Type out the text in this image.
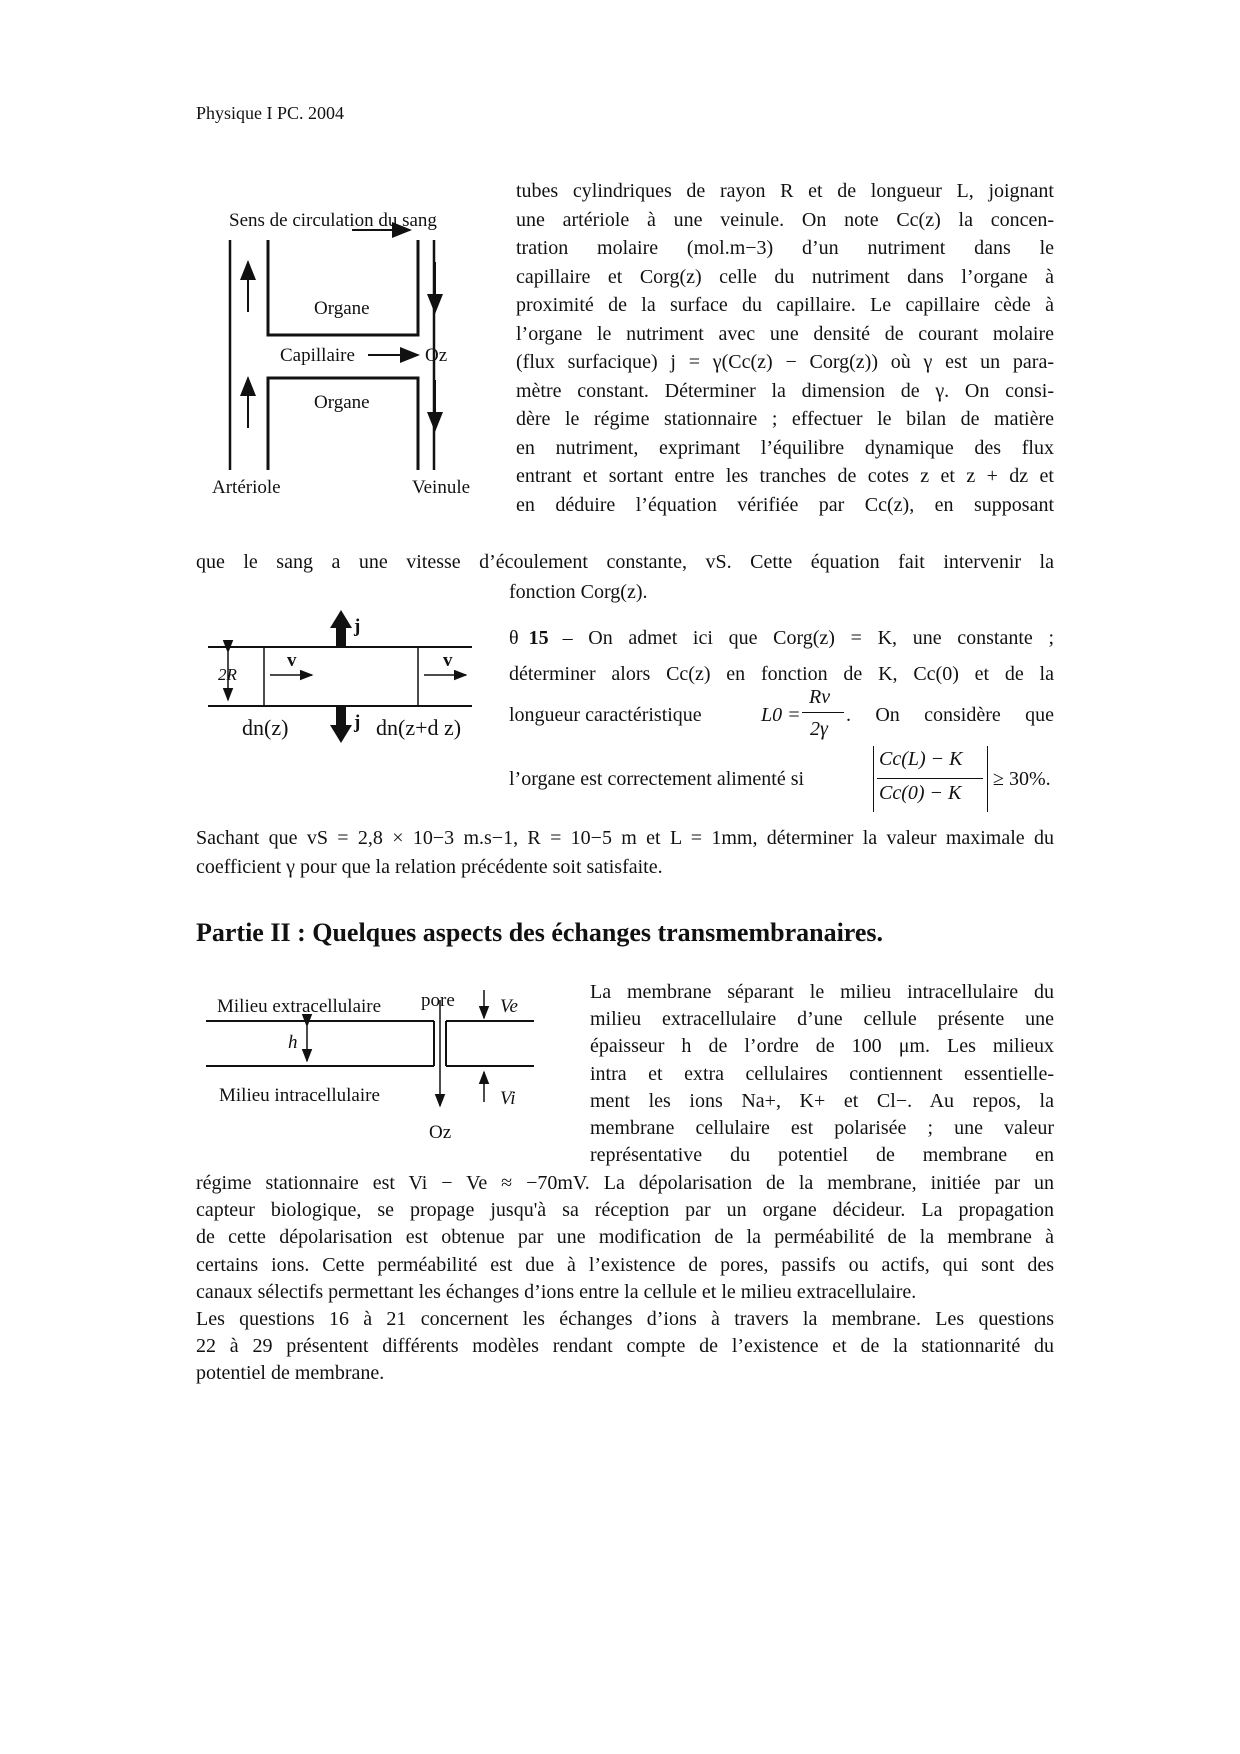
Physique I PC. 2004
Sens de circulation du sang
Organe
Capillaire	Oz
Organe
Artériole	Veinule
tubes cylindriques de rayon R et de longueur L, joignant
une artériole à une veinule. On note Cc(z) la concen-
tration molaire (mol.m−3) d’un nutriment dans le
capillaire et Corg(z) celle du nutriment dans l’organe à
proximité de la surface du capillaire. Le capillaire cède à
l’organe le nutriment avec une densité de courant molaire
(flux surfacique) j = γ(Cc(z) − Corg(z)) où γ est un para-
mètre constant. Déterminer la dimension de γ. On consi-
dère le régime stationnaire ; effectuer le bilan de matière
en nutriment, exprimant l’équilibre dynamique des flux
entrant et sortant entre les tranches de cotes z et z + dz et
en déduire l’équation vérifiée par Cc(z), en supposant
que le sang a une vitesse d’écoulement constante, vS. Cette équation fait intervenir la
fonction Corg(z).
j
j
v	v
2R
dn(z)	dn(z+d z)
θ 15 – On admet ici que Corg(z) = K, une constante ;
déterminer alors Cc(z) en fonction de K, Cc(0) et de la
longueur caractéristique	L0 =
Rv
2γ
. On considère que
l’organe est correctement alimenté si
Cc(L) − K
Cc(0) − K
≥ 30%.
Sachant que vS = 2,8 × 10−3 m.s−1, R = 10−5 m et L = 1mm, déterminer la valeur maximale du
coefficient γ pour que la relation précédente soit satisfaite.
Partie II : Quelques aspects des échanges transmembranaires.
Milieu extracellulaire pore Ve
h
Milieu intracellulaire	Vi
Oz
La membrane séparant le milieu intracellulaire du
milieu extracellulaire d’une cellule présente une
épaisseur h de l’ordre de 100 μm. Les milieux
intra et extra cellulaires contiennent essentielle-
ment les ions Na+, K+ et Cl−. Au repos, la
membrane cellulaire est polarisée ; une valeur
représentative du potentiel de membrane en
régime stationnaire est Vi − Ve ≈ −70mV. La dépolarisation de la membrane, initiée par un
capteur biologique, se propage jusqu'à sa réception par un organe décideur. La propagation
de cette dépolarisation est obtenue par une modification de la perméabilité de la membrane à
certains ions. Cette perméabilité est due à l’existence de pores, passifs ou actifs, qui sont des
canaux sélectifs permettant les échanges d’ions entre la cellule et le milieu extracellulaire.
Les questions 16 à 21 concernent les échanges d’ions à travers la membrane. Les questions
22 à 29 présentent différents modèles rendant compte de l’existence et de la stationnarité du
potentiel de membrane.
